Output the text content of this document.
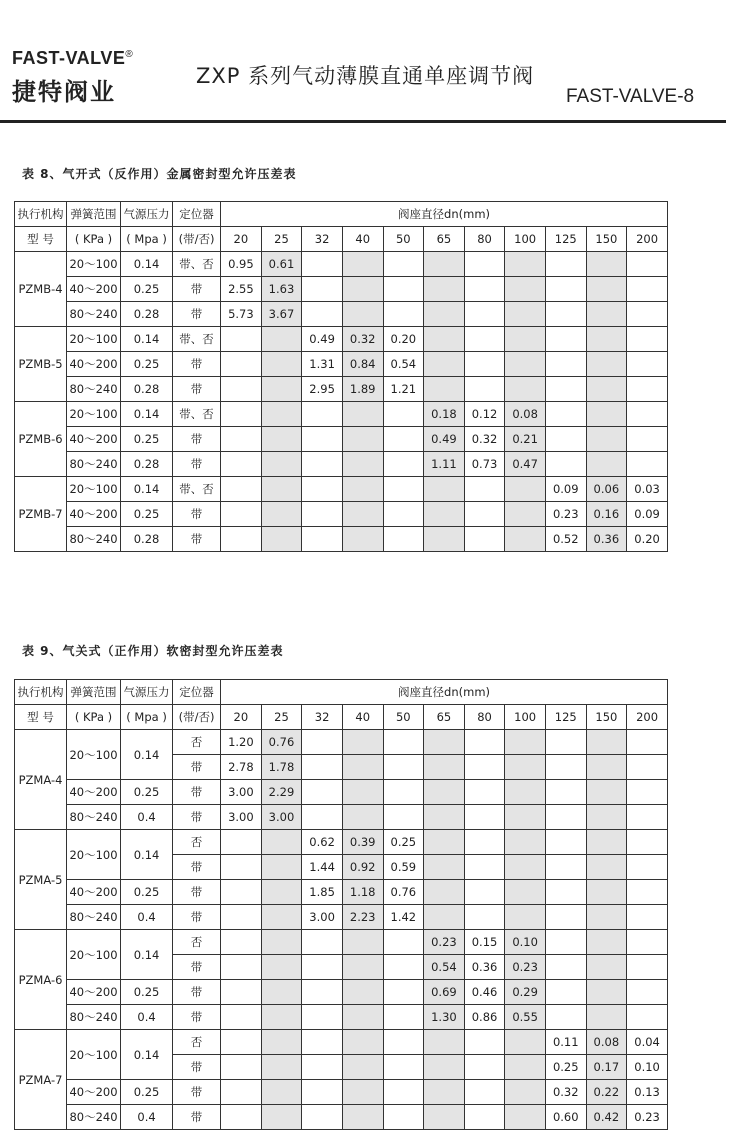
FAST-VALVE®
捷特阀业
ZXP 系列气动薄膜直通单座调节阀
FAST-VALVE-8
表 8、气开式（反作用）金属密封型允许压差表
执行机构	弹簧范围	气源压力	定位器	阀座直径dn(mm)										
型 号	( KPa )	( Mpa )	(带/否)	20	25	32	40	50	65	80	100	125	150	200
PZMB-4	20～100	0.14	带、否	0.95	0.61									
	40～200	0.25	带	2.55	1.63									
	80～240	0.28	带	5.73	3.67									
PZMB-5	20～100	0.14	带、否			0.49	0.32	0.20						
	40～200	0.25	带			1.31	0.84	0.54						
	80～240	0.28	带			2.95	1.89	1.21						
PZMB-6	20～100	0.14	带、否						0.18	0.12	0.08			
	40～200	0.25	带						0.49	0.32	0.21			
	80～240	0.28	带						1.11	0.73	0.47			
PZMB-7	20～100	0.14	带、否									0.09	0.06	0.03
	40～200	0.25	带									0.23	0.16	0.09
	80～240	0.28	带									0.52	0.36	0.20
表 9、气关式（正作用）软密封型允许压差表
执行机构	弹簧范围	气源压力	定位器	阀座直径dn(mm)										
型 号	( KPa )	( Mpa )	(带/否)	20	25	32	40	50	65	80	100	125	150	200
PZMA-4	20～100	0.14	否	1.20	0.76									
			带	2.78	1.78									
	40～200	0.25	带	3.00	2.29									
	80～240	0.4	带	3.00	3.00									
PZMA-5	20～100	0.14	否			0.62	0.39	0.25						
			带			1.44	0.92	0.59						
	40～200	0.25	带			1.85	1.18	0.76						
	80～240	0.4	带			3.00	2.23	1.42						
PZMA-6	20～100	0.14	否						0.23	0.15	0.10			
			带						0.54	0.36	0.23			
	40～200	0.25	带						0.69	0.46	0.29			
	80～240	0.4	带						1.30	0.86	0.55			
PZMA-7	20～100	0.14	否									0.11	0.08	0.04
			带									0.25	0.17	0.10
	40～200	0.25	带									0.32	0.22	0.13
	80～240	0.4	带									0.60	0.42	0.23
